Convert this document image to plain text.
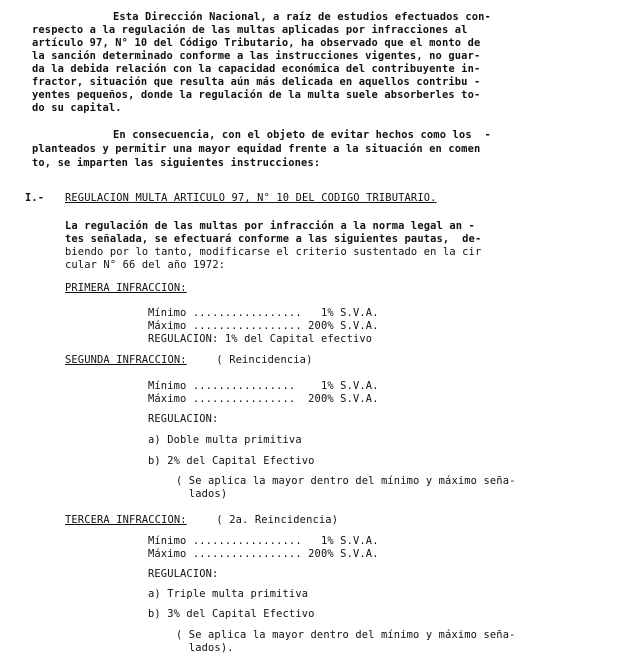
Esta Dirección Nacional, a raíz de estudios efectuados con-
respecto a la regulación de las multas aplicadas por infracciones al
artículo 97, N° 10 del Código Tributario, ha observado que el monto de
la sanción determinado conforme a las instrucciones vigentes, no guar-
da la debida relación con la capacidad económica del contribuyente in-
fractor, situación que resulta aún más delicada en aquellos contribu -
yentes pequeños, donde la regulación de la multa suele absorberles to-
do su capital.
En consecuencia, con el objeto de evitar hechos como los  -
planteados y permitir una mayor equidad frente a la situación en comen
to, se imparten las siguientes instrucciones:
I.- REGULACION MULTA ARTICULO 97, N° 10 DEL CODIGO TRIBUTARIO.
La regulación de las multas por infracción a la norma legal an -
tes señalada, se efectuará conforme a las siguientes pautas,  de-
biendo por lo tanto, modificarse el criterio sustentado en la cir
cular N° 66 del año 1972:
PRIMERA INFRACCION:
Mínimo .................   1% S.V.A.
Máximo ................. 200% S.V.A.
REGULACION: 1% del Capital efectivo
SEGUNDA INFRACCION: ( Reincidencia)
Mínimo ................    1% S.V.A.
Máximo ................  200% S.V.A.
REGULACION:
a) Doble multa primitiva
b) 2% del Capital Efectivo
( Se aplica la mayor dentro del mínimo y máximo seña-
lados)
TERCERA INFRACCION: ( 2a. Reincidencia)
Mínimo .................   1% S.V.A.
Máximo ................. 200% S.V.A.
REGULACION:
a) Triple multa primitiva
b) 3% del Capital Efectivo
( Se aplica la mayor dentro del mínimo y máximo seña-
lados).
